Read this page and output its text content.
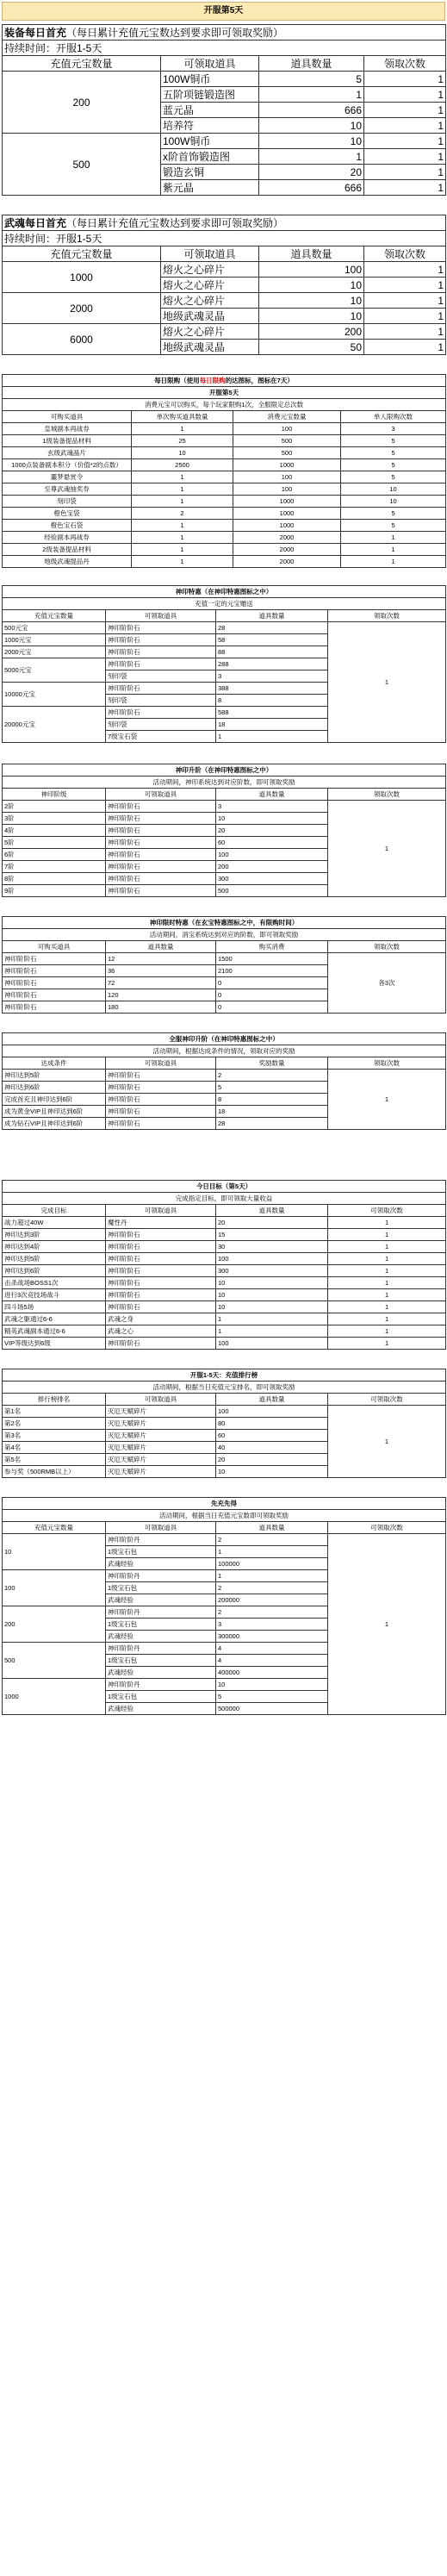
开服第5天
装备每日首充（每日累计充值元宝数达到要求即可领取奖励）			
持续时间：开服1-5天			
充值元宝数量	可领取道具	道具数量	领取次数
200	100W铜币	5	1
	五阶项链锻造图	1	1
	蓝元晶	666	1
	培养符	10	1
500	100W铜币	10	1
	x阶首饰锻造图	1	1
	锻造玄铜	20	1
	紫元晶	666	1
武魂每日首充（每日累计充值元宝数达到要求即可领取奖励）			
持续时间：开服1-5天			
充值元宝数量	可领取道具	道具数量	领取次数
1000	熔火之心碎片	100	1
	熔火之心碎片	10	1
2000	熔火之心碎片	10	1
	地级武魂灵晶	10	1
6000	熔火之心碎片	200	1
	地级武魂灵晶	50	1
每日限购（使用每日限购的达图标，图标在7天）			
开服第5天			
消费元宝可以购买，每个玩家限购1次，全服限定总次数			
可购买道具	单次购买道具数量	消费元宝数量	单人限购次数
皇城副本再战券	1	100	3
1级装备提品材料	25	500	5
玄级武魂晶片	10	500	5
1000点装备副本积分（价值*2的点数）	2500	1000	5
噩梦悬赏令	1	100	5
至尊武魂抽奖券	1	100	10
刻印袋	1	1000	10
橙色宝袋	2	1000	5
橙色宝石袋	1	1000	5
经验副本再战券	1	2000	1
2级装备提品材料	1	2000	1
地级武魂提品丹	1	2000	1
神印特惠（在神印特惠图标之中）			
充值一定的元宝赠送			
充值元宝数量	可领取道具	道具数量	领取次数
500元宝	神印阶阶石	28	1
1000元宝	神印阶阶石	58	
2000元宝	神印阶阶石	88	
5000元宝	神印阶阶石	288	
	刻印袋	3	
10000元宝	神印阶阶石	388	
	刻印袋	8	
20000元宝	神印阶阶石	588	
	刻印袋	18	
	7级宝石袋	1	
神印升阶（在神印特惠图标之中）			
活动期间，神印系统达到对应阶数，即可领取奖励			
神印阶级	可领取道具	道具数量	领取次数
2阶	神印阶阶石	3	1
3阶	神印阶阶石	10	
4阶	神印阶阶石	20	
5阶	神印阶阶石	60	
6阶	神印阶阶石	100	
7阶	神印阶阶石	200	
8阶	神印阶阶石	300	
9阶	神印阶阶石	500	
神印限时特惠（在玄宝特惠图标之中，有限购时间）			
活动期间，消宝系统达到对应的阶数，即可领取奖励			
可购买道具	道具数量	购买消费	领取次数
神印阶阶石	12	1500	各3次
神印阶阶石	36	2100	
神印阶阶石	72	0	
神印阶阶石	120	0	
神印阶阶石	180	0	
全服神印升阶（在神印特惠图标之中）			
活动期间，根据达成条件的情况，领取对应的奖励			
达成条件	可领取道具	奖励数量	领取次数
神印达到5阶	神印阶阶石	2	1
神印达到6阶	神印阶阶石	5	
完成首充且神印达到6阶	神印阶阶石	8	
成为黄金VIP且神印达到6阶	神印阶阶石	18	
成为钻石VIP且神印达到6阶	神印阶阶石	28	
今日目标（第5天）			
完成指定目标，即可领取大量收益			
完成目标	可领取道具	道具数量	可领取次数
战力超过40W	魔性丹	20	1
神印达到3阶	神印阶阶石	15	1
神印达到4阶	神印阶阶石	30	1
神印达到5阶	神印阶阶石	100	1
神印达到6阶	神印阶阶石	300	1
击杀战场BOSS1次	神印阶阶石	10	1
进行3次竞技场战斗	神印阶阶石	10	1
四斗场5场	神印阶阶石	10	1
武魂之躯通过6-6	武魂之身	1	1
精英武魂副本通过6-6	武魂之心	1	1
VIP等级达到6级	神印阶阶石	100	1
开服1-5天：充值排行榜			
活动期间，根据当日充值元宝排名，即可领取奖励			
排行榜排名	可领取道具	道具数量	可领取次数
第1名	灭厄天赋碎片	100	1
第2名	灭厄天赋碎片	80	
第3名	灭厄天赋碎片	60	
第4名	灭厄天赋碎片	40	
第5名	灭厄天赋碎片	20	
参与奖（500RMB以上）	灭厄天赋碎片	10	
先充先得			
活动期间，根据当日充值元宝数即可领取奖励			
充值元宝数量	可领取道具	道具数量	可领取次数
10	神印阶阶丹	2	1
	1级宝石包	1	
	武魂经验	100000	
100	神印阶阶丹	1	
	1级宝石包	2	
	武魂经验	200000	
200	神印阶阶丹	2	
	1级宝石包	3	
	武魂经验	300000	
500	神印阶阶丹	4	
	1级宝石包	4	
	武魂经验	400000	
1000	神印阶阶丹	10	
	1级宝石包	5	
	武魂经验	500000	
